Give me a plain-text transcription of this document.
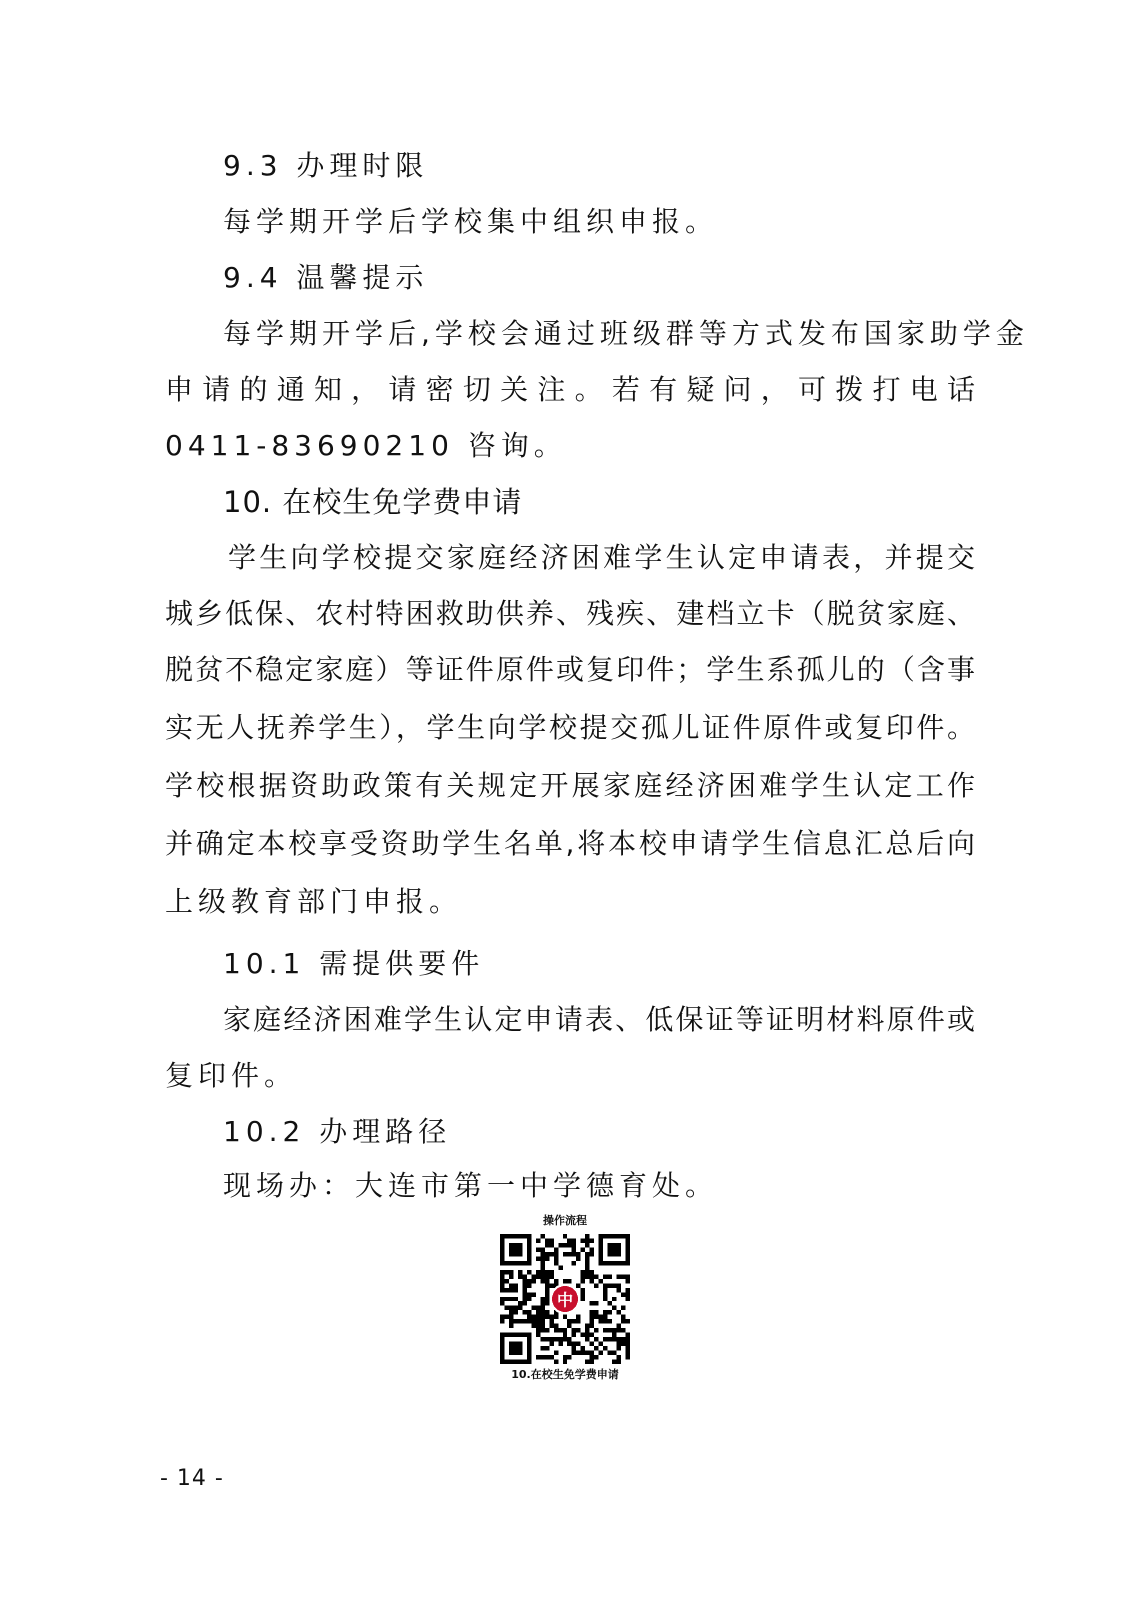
9.3 办理时限
每学期开学后学校集中组织申报。
9.4 温馨提示
每学期开学后,学校会通过班级群等方式发布国家助学金
申请的通知，请密切关注。若有疑问，可拨打电话
0411-83690210 咨询。
10. 在校生免学费申请
学生向学校提交家庭经济困难学生认定申请表，并提交
城乡低保、农村特困救助供养、残疾、建档立卡（脱贫家庭、
脱贫不稳定家庭）等证件原件或复印件；学生系孤儿的（含事
实无人抚养学生），学生向学校提交孤儿证件原件或复印件。
学校根据资助政策有关规定开展家庭经济困难学生认定工作
并确定本校享受资助学生名单,将本校申请学生信息汇总后向
上级教育部门申报。
10.1 需提供要件
家庭经济困难学生认定申请表、低保证等证明材料原件或
复印件。
10.2 办理路径
现场办：大连市第一中学德育处。
操作流程
中
10.在校生免学费申请
- 14 -
